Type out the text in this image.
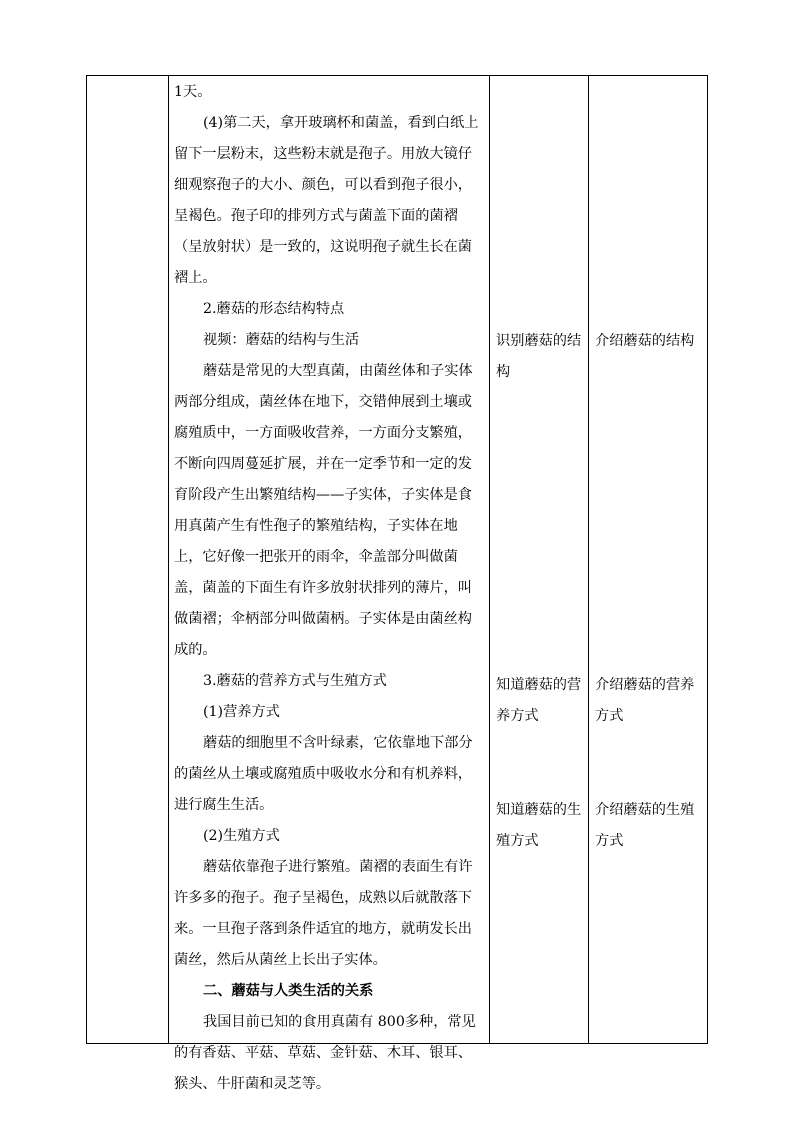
1天。

(4)第二天，拿开玻璃杯和菌盖，看到白纸上留下一层粉末，这些粉末就是孢子。用放大镜仔细观察孢子的大小、颜色，可以看到孢子很小，呈褐色。孢子印的排列方式与菌盖下面的菌褶（呈放射状）是一致的，这说明孢子就生长在菌褶上。

2.蘑菇的形态结构特点

视频：蘑菇的结构与生活

蘑菇是常见的大型真菌，由菌丝体和子实体两部分组成，菌丝体在地下，交错伸展到土壤或腐殖质中，一方面吸收营养，一方面分支繁殖，不断向四周蔓延扩展，并在一定季节和一定的发育阶段产生出繁殖结构——子实体，子实体是食用真菌产生有性孢子的繁殖结构，子实体在地上，它好像一把张开的雨伞，伞盖部分叫做菌盖，菌盖的下面生有许多放射状排列的薄片，叫做菌褶；伞柄部分叫做菌柄。子实体是由菌丝构成的。

3.蘑菇的营养方式与生殖方式

(1)营养方式

蘑菇的细胞里不含叶绿素，它依靠地下部分的菌丝从土壤或腐殖质中吸收水分和有机养料，进行腐生生活。

(2)生殖方式

蘑菇依靠孢子进行繁殖。菌褶的表面生有许许多多的孢子。孢子呈褐色，成熟以后就散落下来。一旦孢子落到条件适宜的地方，就萌发长出菌丝，然后从菌丝上长出子实体。

二、蘑菇与人类生活的关系

我国目前已知的食用真菌有 800多种，常见的有香菇、平菇、草菇、金针菇、木耳、银耳、猴头、牛肝菌和灵芝等。

识别蘑菇的结
构
知道蘑菇的营
养方式
知道蘑菇的生
殖方式
介绍蘑菇的结构
介绍蘑菇的营养
方式
介绍蘑菇的生殖
方式
